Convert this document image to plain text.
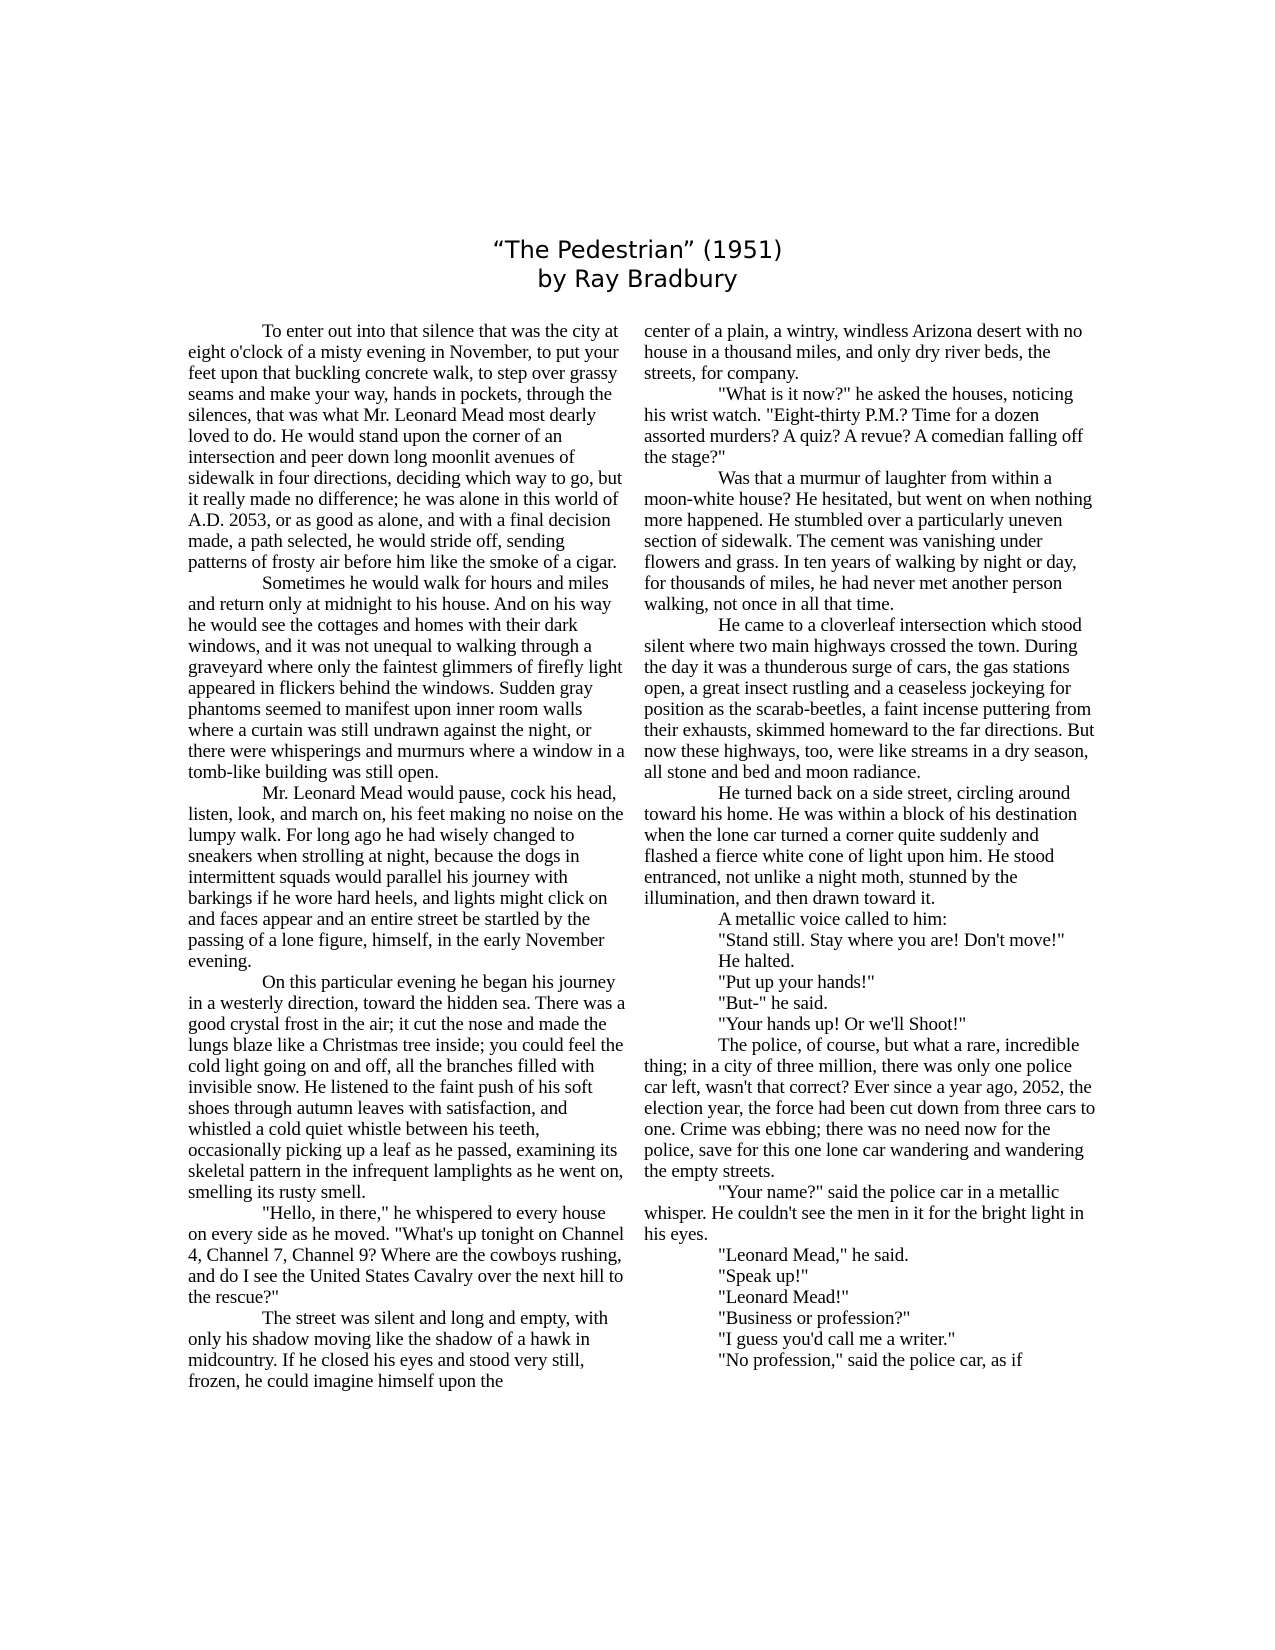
“The Pedestrian” (1951)
by Ray Bradbury

To enter out into that silence that was the city at eight o'clock of a misty evening in November, to put your feet upon that buckling concrete walk, to step over grassy seams and make your way, hands in pockets, through the silences, that was what Mr. Leonard Mead most dearly loved to do. He would stand upon the corner of an intersection and peer down long moonlit avenues of sidewalk in four directions, deciding which way to go, but it really made no difference; he was alone in this world of A.D. 2053, or as good as alone, and with a final decision made, a path selected, he would stride off, sending patterns of frosty air before him like the smoke of a cigar.

Sometimes he would walk for hours and miles and return only at midnight to his house. And on his way he would see the cottages and homes with their dark windows, and it was not unequal to walking through a graveyard where only the faintest glimmers of firefly light appeared in flickers behind the windows. Sudden gray phantoms seemed to manifest upon inner room walls where a curtain was still undrawn against the night, or there were whisperings and murmurs where a window in a tomb-like building was still open.

Mr. Leonard Mead would pause, cock his head, listen, look, and march on, his feet making no noise on the lumpy walk. For long ago he had wisely changed to sneakers when strolling at night, because the dogs in intermittent squads would parallel his journey with barkings if he wore hard heels, and lights might click on and faces appear and an entire street be startled by the passing of a lone figure, himself, in the early November evening.

On this particular evening he began his journey in a westerly direction, toward the hidden sea. There was a good crystal frost in the air; it cut the nose and made the lungs blaze like a Christmas tree inside; you could feel the cold light going on and off, all the branches filled with invisible snow. He listened to the faint push of his soft shoes through autumn leaves with satisfaction, and whistled a cold quiet whistle between his teeth, occasionally picking up a leaf as he passed, examining its skeletal pattern in the infrequent lamplights as he went on, smelling its rusty smell.

"Hello, in there," he whispered to every house on every side as he moved. "What's up tonight on Channel 4, Channel 7, Channel 9? Where are the cowboys rushing, and do I see the United States Cavalry over the next hill to the rescue?"

The street was silent and long and empty, with only his shadow moving like the shadow of a hawk in midcountry. If he closed his eyes and stood very still, frozen, he could imagine himself upon the

center of a plain, a wintry, windless Arizona desert with no house in a thousand miles, and only dry river beds, the streets, for company.

"What is it now?" he asked the houses, noticing his wrist watch. "Eight-thirty P.M.? Time for a dozen assorted murders? A quiz? A revue? A comedian falling off the stage?"

Was that a murmur of laughter from within a moon-white house? He hesitated, but went on when nothing more happened. He stumbled over a particularly uneven section of sidewalk. The cement was vanishing under flowers and grass. In ten years of walking by night or day, for thousands of miles, he had never met another person walking, not once in all that time.

He came to a cloverleaf intersection which stood silent where two main highways crossed the town. During the day it was a thunderous surge of cars, the gas stations open, a great insect rustling and a ceaseless jockeying for position as the scarab-beetles, a faint incense puttering from their exhausts, skimmed homeward to the far directions. But now these highways, too, were like streams in a dry season, all stone and bed and moon radiance.

He turned back on a side street, circling around toward his home. He was within a block of his destination when the lone car turned a corner quite suddenly and flashed a fierce white cone of light upon him. He stood entranced, not unlike a night moth, stunned by the illumination, and then drawn toward it.

A metallic voice called to him:

"Stand still. Stay where you are! Don't move!"

He halted.

"Put up your hands!"

"But-" he said.

"Your hands up! Or we'll Shoot!"

The police, of course, but what a rare, incredible thing; in a city of three million, there was only one police car left, wasn't that correct? Ever since a year ago, 2052, the election year, the force had been cut down from three cars to one. Crime was ebbing; there was no need now for the police, save for this one lone car wandering and wandering the empty streets.

"Your name?" said the police car in a metallic whisper. He couldn't see the men in it for the bright light in his eyes.

"Leonard Mead," he said.

"Speak up!"

"Leonard Mead!"

"Business or profession?"

"I guess you'd call me a writer."

"No profession," said the police car, as if
